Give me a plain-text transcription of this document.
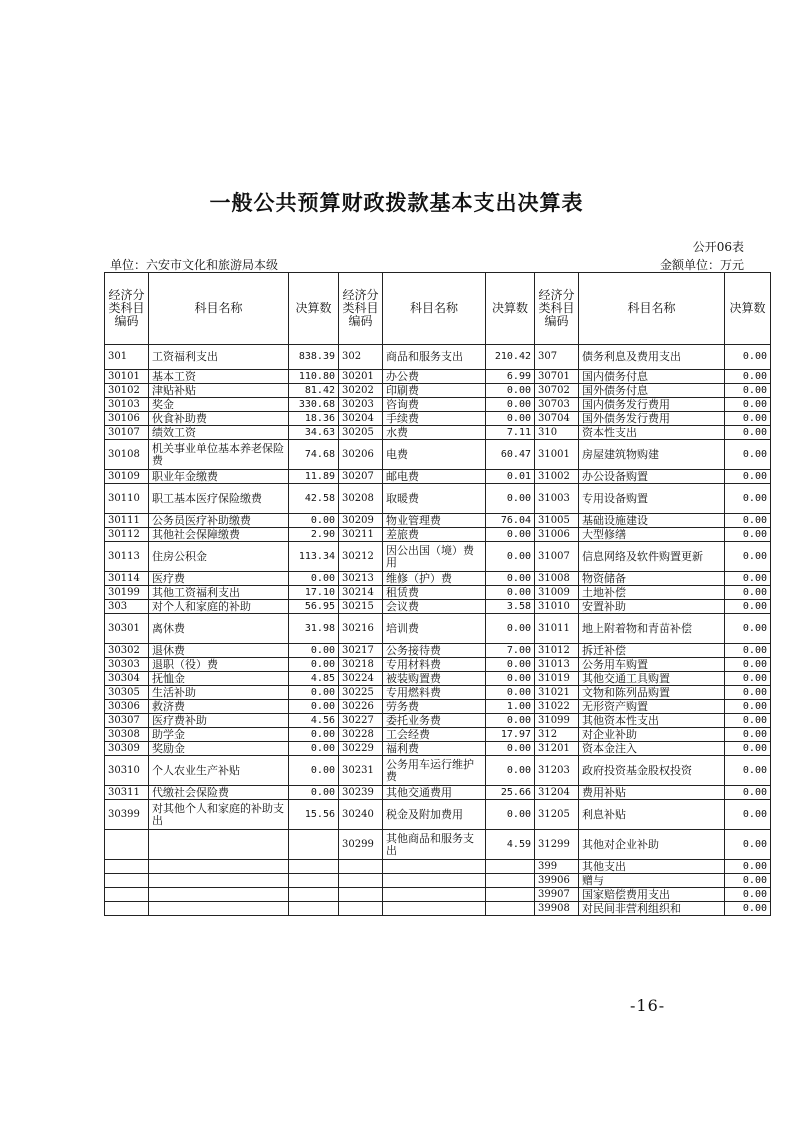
一般公共预算财政拨款基本支出决算表
公开06表
单位：六安市文化和旅游局本级	金额单位：万元
经济分类科目编码	科目名称	决算数	经济分类科目编码	科目名称	决算数	经济分类科目编码	科目名称	决算数
301	工资福利支出	838.39	302	商品和服务支出	210.42	307	债务利息及费用支出	0.00
30101	基本工资	110.80	30201	办公费	6.99	30701	国内债务付息	0.00
30102	津贴补贴	81.42	30202	印刷费	0.00	30702	国外债务付息	0.00
30103	奖金	330.68	30203	咨询费	0.00	30703	国内债务发行费用	0.00
30106	伙食补助费	18.36	30204	手续费	0.00	30704	国外债务发行费用	0.00
30107	绩效工资	34.63	30205	水费	7.11	310	资本性支出	0.00
30108	机关事业单位基本养老保险费	74.68	30206	电费	60.47	31001	房屋建筑物购建	0.00
30109	职业年金缴费	11.89	30207	邮电费	0.01	31002	办公设备购置	0.00
30110	职工基本医疗保险缴费	42.58	30208	取暖费	0.00	31003	专用设备购置	0.00
30111	公务员医疗补助缴费	0.00	30209	物业管理费	76.04	31005	基础设施建设	0.00
30112	其他社会保障缴费	2.90	30211	差旅费	0.00	31006	大型修缮	0.00
30113	住房公积金	113.34	30212	因公出国（境）费用	0.00	31007	信息网络及软件购置更新	0.00
30114	医疗费	0.00	30213	维修（护）费	0.00	31008	物资储备	0.00
30199	其他工资福利支出	17.10	30214	租赁费	0.00	31009	土地补偿	0.00
303	对个人和家庭的补助	56.95	30215	会议费	3.58	31010	安置补助	0.00
30301	离休费	31.98	30216	培训费	0.00	31011	地上附着物和青苗补偿	0.00
30302	退休费	0.00	30217	公务接待费	7.00	31012	拆迁补偿	0.00
30303	退职（役）费	0.00	30218	专用材料费	0.00	31013	公务用车购置	0.00
30304	抚恤金	4.85	30224	被装购置费	0.00	31019	其他交通工具购置	0.00
30305	生活补助	0.00	30225	专用燃料费	0.00	31021	文物和陈列品购置	0.00
30306	救济费	0.00	30226	劳务费	1.00	31022	无形资产购置	0.00
30307	医疗费补助	4.56	30227	委托业务费	0.00	31099	其他资本性支出	0.00
30308	助学金	0.00	30228	工会经费	17.97	312	对企业补助	0.00
30309	奖励金	0.00	30229	福利费	0.00	31201	资本金注入	0.00
30310	个人农业生产补贴	0.00	30231	公务用车运行维护费	0.00	31203	政府投资基金股权投资	0.00
30311	代缴社会保险费	0.00	30239	其他交通费用	25.66	31204	费用补贴	0.00
30399	对其他个人和家庭的补助支出	15.56	30240	税金及附加费用	0.00	31205	利息补贴	0.00
			30299	其他商品和服务支出	4.59	31299	其他对企业补助	0.00
						399	其他支出	0.00
						39906	赠与	0.00
						39907	国家赔偿费用支出	0.00
						39908	对民间非营利组织和	0.00
-16-
